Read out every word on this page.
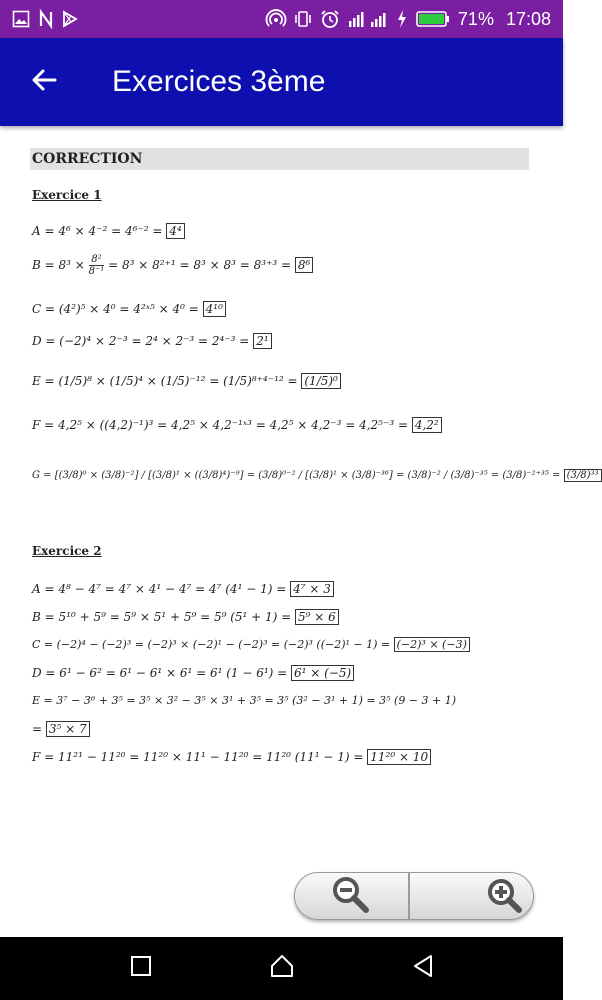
71% 17:08
Exercices 3ème
CORRECTION
Exercice 1
A = 4⁶ × 4⁻² = 4⁶⁻² = 4⁴
$B = 8^3 \times \frac{\text{8²}}{\text{8⁻¹}} = 8^3 \times 8^{2+1} = 8^3 \times 8^3 = 8^{3+3} = 8^6$
C = (4²)⁵ × 4⁰ = 4²ˣ⁵ × 4⁰ = 4¹⁰
D = (−2)⁴ × 2⁻³ = 2⁴ × 2⁻³ = 2⁴⁻³ = 2¹
E = (1/5)⁸ × (1/5)⁴ × (1/5)⁻¹² = (1/5)⁸⁺⁴⁻¹² = (1/5)⁰
F = 4,2⁵ × ((4,2)⁻¹)³ = 4,2⁵ × 4,2⁻¹ˣ³ = 4,2⁵ × 4,2⁻³ = 4,2⁵⁻³ = 4,2²
G = [(3/8)⁰ × (3/8)⁻²] / [(3/8)¹ × ((3/8)⁴)⁻⁹] = (3/8)⁰⁻² / [(3/8)¹ × (3/8)⁻³⁶] = (3/8)⁻² / (3/8)⁻³⁵ = (3/8)⁻²⁺³⁵ = (3/8)³³
Exercice 2
A = 4⁸ − 4⁷ = 4⁷ × 4¹ − 4⁷ = 4⁷ (4¹ − 1) = 4⁷ × 3
B = 5¹⁰ + 5⁹ = 5⁹ × 5¹ + 5⁹ = 5⁹ (5¹ + 1) = 5⁹ × 6
C = (−2)⁴ − (−2)³ = (−2)³ × (−2)¹ − (−2)³ = (−2)³ ((−2)¹ − 1) = (−2)³ × (−3)
D = 6¹ − 6² = 6¹ − 6¹ × 6¹ = 6¹ (1 − 6¹) = 6¹ × (−5)
E = 3⁷ − 3⁶ + 3⁵ = 3⁵ × 3² − 3⁵ × 3¹ + 3⁵ = 3⁵ (3² − 3¹ + 1) = 3⁵ (9 − 3 + 1)
= 3⁵ × 7
F = 11²¹ − 11²⁰ = 11²⁰ × 11¹ − 11²⁰ = 11²⁰ (11¹ − 1) = 11²⁰ × 10
